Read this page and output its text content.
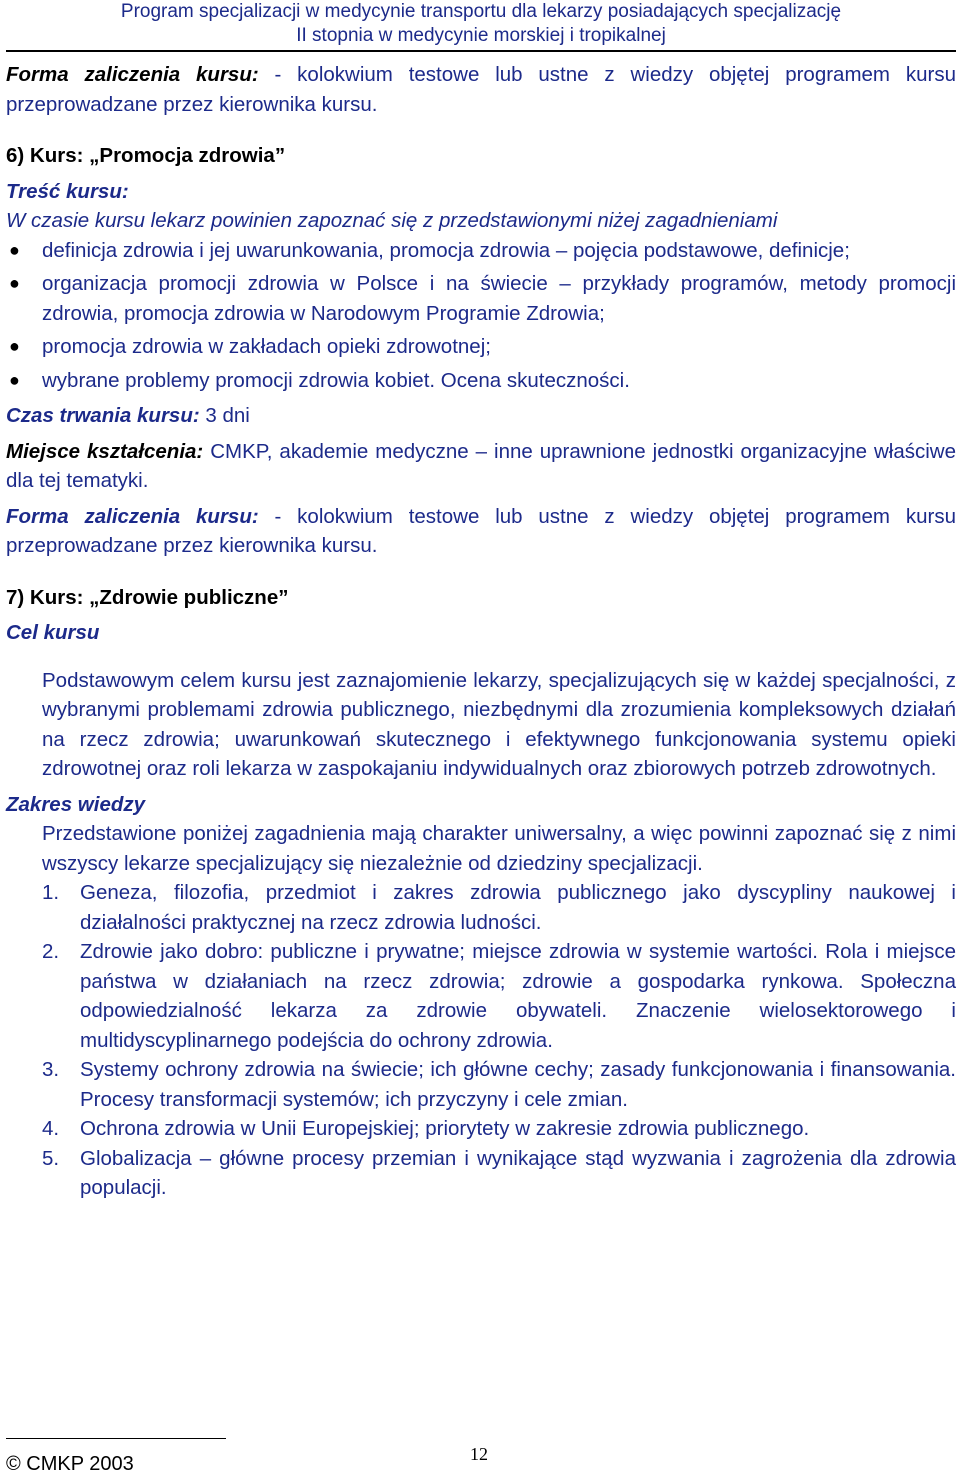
Program specjalizacji w medycynie transportu dla lekarzy posiadających specjalizację
II stopnia w medycynie morskiej i tropikalnej

Forma zaliczenia kursu: - kolokwium testowe lub ustne z wiedzy objętej programem kursu przeprowadzane przez kierownika kursu.

6) Kurs: „Promocja zdrowia”

Treść kursu:

W czasie kursu lekarz powinien zapoznać się z przedstawionymi niżej zagadnieniami

● definicja zdrowia i jej uwarunkowania, promocja zdrowia – pojęcia podstawowe, definicje;
● organizacja promocji zdrowia w Polsce i na świecie – przykłady programów, metody promocji zdrowia, promocja zdrowia w Narodowym Programie Zdrowia;
● promocja zdrowia w zakładach opieki zdrowotnej;
● wybrane problemy promocji zdrowia kobiet. Ocena skuteczności.

Czas trwania kursu: 3 dni

Miejsce kształcenia: CMKP, akademie medyczne – inne uprawnione jednostki organizacyjne właściwe dla tej tematyki.

Forma zaliczenia kursu: - kolokwium testowe lub ustne z wiedzy objętej programem kursu przeprowadzane przez kierownika kursu.

7) Kurs: „Zdrowie publiczne”

Cel kursu

Podstawowym celem kursu jest zaznajomienie lekarzy, specjalizujących się w każdej specjalności, z wybranymi problemami zdrowia publicznego, niezbędnymi dla zrozumienia kompleksowych działań na rzecz zdrowia; uwarunkowań skutecznego i efektywnego funkcjonowania systemu opieki zdrowotnej oraz roli lekarza w zaspokajaniu indywidualnych oraz zbiorowych potrzeb zdrowotnych.

Zakres wiedzy

Przedstawione poniżej zagadnienia mają charakter uniwersalny, a więc powinni zapoznać się z nimi wszyscy lekarze specjalizujący się niezależnie od dziedziny specjalizacji.

1. Geneza, filozofia, przedmiot i zakres zdrowia publicznego jako dyscypliny naukowej i działalności praktycznej na rzecz zdrowia ludności.
2. Zdrowie jako dobro: publiczne i prywatne; miejsce zdrowia w systemie wartości. Rola i miejsce państwa w działaniach na rzecz zdrowia; zdrowie a gospodarka rynkowa. Społeczna odpowiedzialność lekarza za zdrowie obywateli. Znaczenie wielosektorowego i multidyscyplinarnego podejścia do ochrony zdrowia.
3. Systemy ochrony zdrowia na świecie; ich główne cechy; zasady funkcjonowania i finansowania. Procesy transformacji systemów; ich przyczyny i cele zmian.
4. Ochrona zdrowia w Unii Europejskiej; priorytety w zakresie zdrowia publicznego.
5. Globalizacja – główne procesy przemian i wynikające stąd wyzwania i zagrożenia dla zdrowia populacji.
© CMKP 2003	12
